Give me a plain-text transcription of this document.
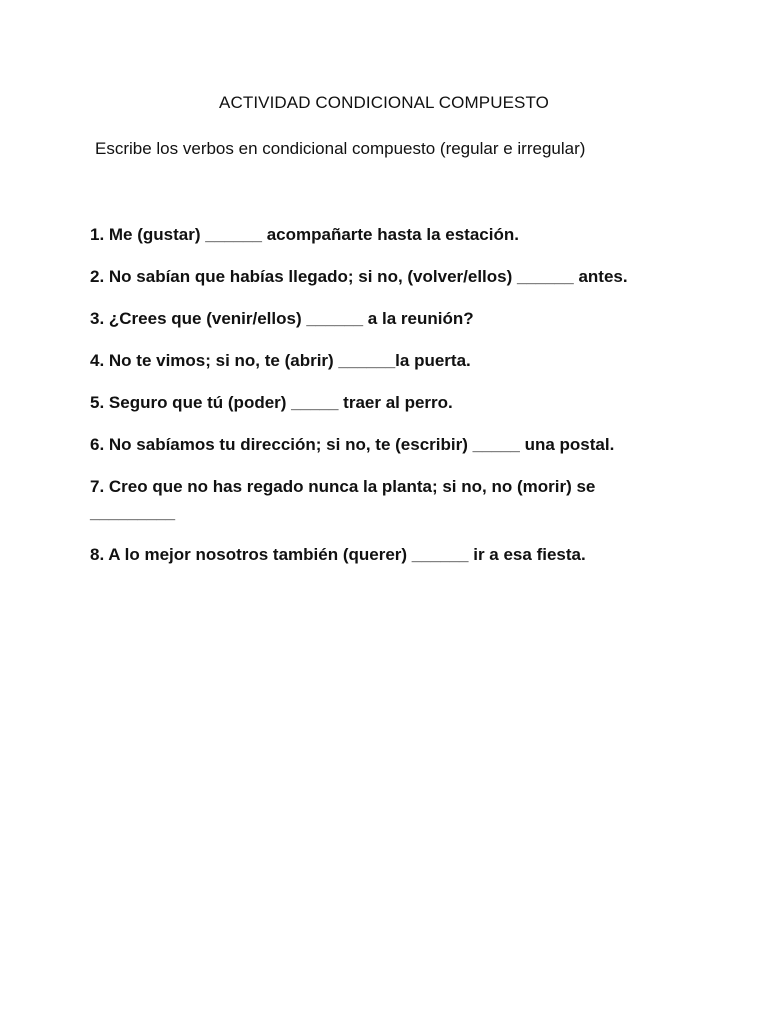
ACTIVIDAD CONDICIONAL COMPUESTO
Escribe los verbos en condicional compuesto (regular e irregular)
1. Me (gustar) ______ acompañarte hasta la estación.
2. No sabían que habías llegado; si no, (volver/ellos) ______ antes.
3. ¿Crees que (venir/ellos) ______ a la reunión?
4. No te vimos; si no, te (abrir) ______la puerta.
5. Seguro que tú (poder) _____ traer al perro.
6. No sabíamos tu dirección; si no, te (escribir) _____ una postal.
7. Creo que no has regado nunca la planta; si no, no (morir) se _________
8. A lo mejor nosotros también (querer) ______ ir a esa fiesta.
